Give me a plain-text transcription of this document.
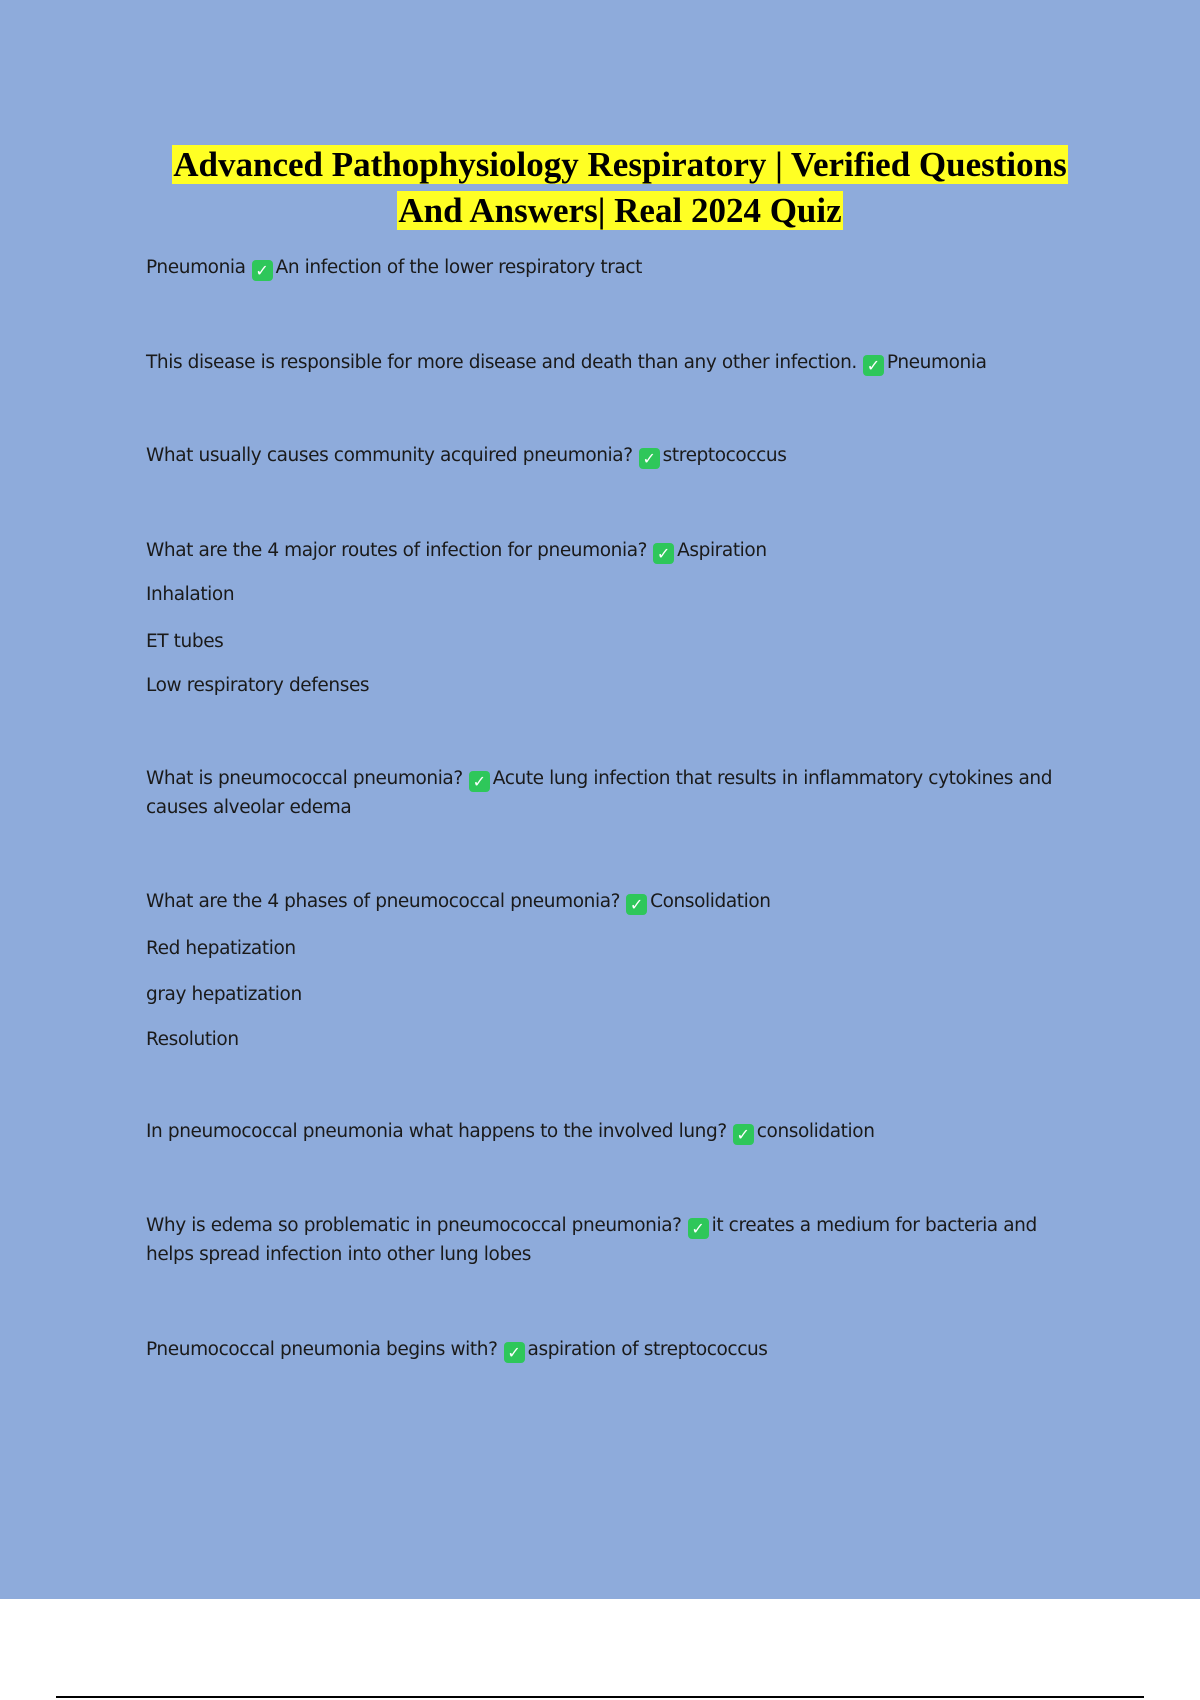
Advanced Pathophysiology Respiratory | Verified Questions
And Answers| Real 2024 Quiz
Pneumonia ✓ An infection of the lower respiratory tract
This disease is responsible for more disease and death than any other infection. ✓ Pneumonia
What usually causes community acquired pneumonia? ✓ streptococcus
What are the 4 major routes of infection for pneumonia? ✓ Aspiration
Inhalation
ET tubes
Low respiratory defenses
What is pneumococcal pneumonia? ✓ Acute lung infection that results in inflammatory cytokines and causes alveolar edema
What are the 4 phases of pneumococcal pneumonia? ✓ Consolidation
Red hepatization
gray hepatization
Resolution
In pneumococcal pneumonia what happens to the involved lung? ✓ consolidation
Why is edema so problematic in pneumococcal pneumonia? ✓ it creates a medium for bacteria and helps spread infection into other lung lobes
Pneumococcal pneumonia begins with? ✓ aspiration of streptococcus
